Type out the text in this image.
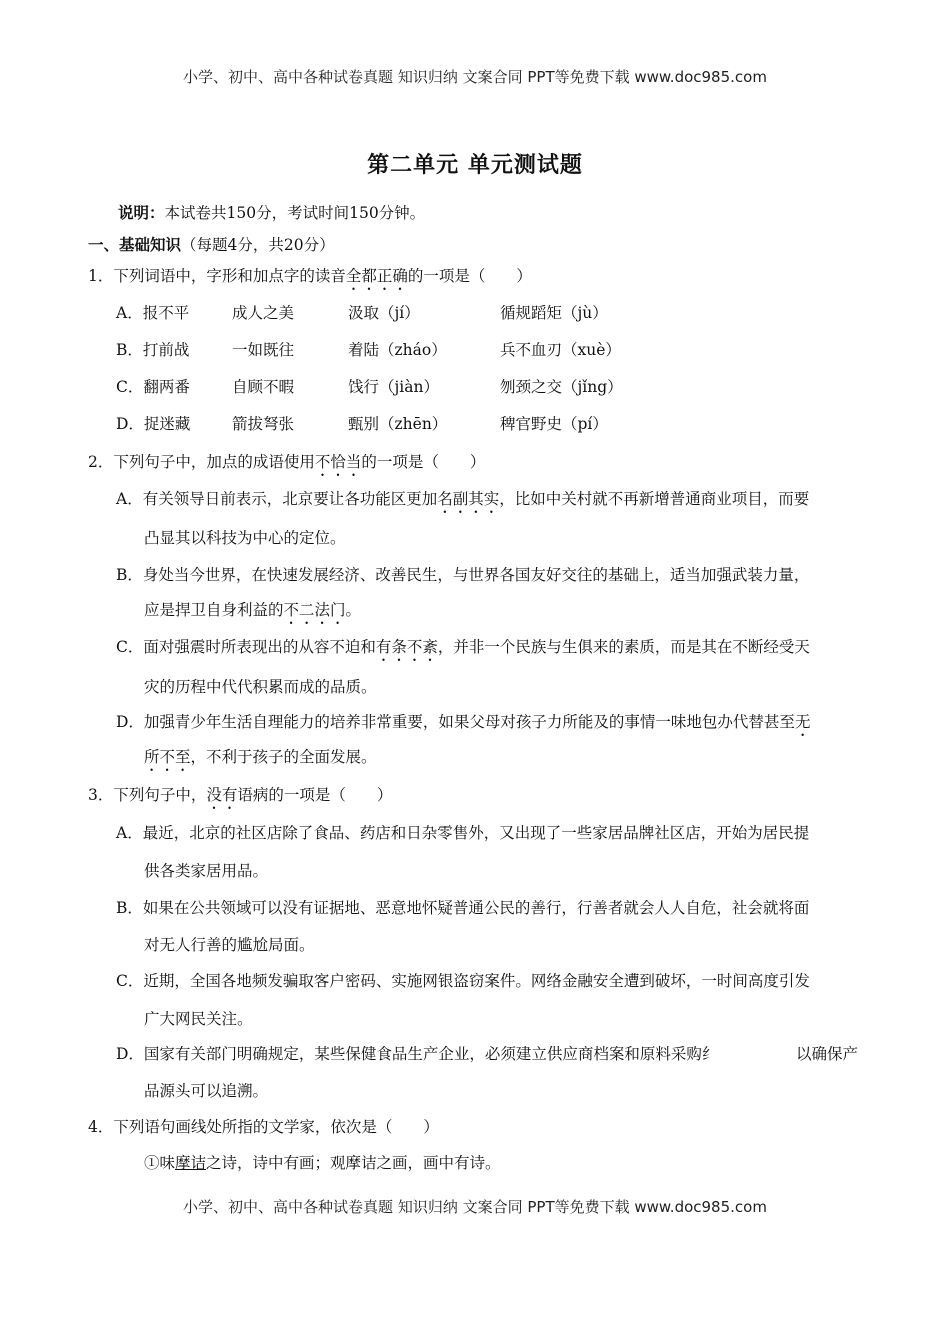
小学、初中、高中各种试卷真题 知识归纳 文案合同 PPT等免费下载 www.doc985.com
第二单元 单元测试题
说明：本试卷共150分，考试时间150分钟。
一、基础知识（每题4分，共20分）
1．下列词语中，字形和加点字的读音全都正确的一项是（　　）
A．报不平	成人之美	汲取（jí）	循规蹈矩（jù）
B．打前战	一如既往	着陆（zháo）	兵不血刃（xuè）
C．翻两番	自顾不暇	饯行（jiàn）	刎颈之交（jǐng）
D．捉迷藏	箭拔弩张	甄别（zhēn）	稗官野史（pí）
2．下列句子中，加点的成语使用不恰当的一项是（　　）
A．有关领导日前表示，北京要让各功能区更加名副其实，比如中关村就不再新增普通商业项目，而要
凸显其以科技为中心的定位。
B．身处当今世界，在快速发展经济、改善民生，与世界各国友好交往的基础上，适当加强武装力量，
应是捍卫自身利益的不二法门。
C．面对强震时所表现出的从容不迫和有条不紊，并非一个民族与生俱来的素质，而是其在不断经受天
灾的历程中代代积累而成的品质。
D．加强青少年生活自理能力的培养非常重要，如果父母对孩子力所能及的事情一味地包办代替甚至无
所不至，不利于孩子的全面发展。
3．下列句子中，没有语病的一项是（　　）
A．最近，北京的社区店除了食品、药店和日杂零售外，又出现了一些家居品牌社区店，开始为居民提
供各类家居用品。
B．如果在公共领域可以没有证据地、恶意地怀疑普通公民的善行，行善者就会人人自危，社会就将面
对无人行善的尴尬局面。
C．近期，全国各地频发骗取客户密码、实施网银盗窃案件。网络金融安全遭到破坏，一时间高度引发
广大网民关注。
D．国家有关部门明确规定，某些保健食品生产企业，必须建立供应商档案和原料采购纟	以确保产
品源头可以追溯。
4．下列语句画线处所指的文学家，依次是（　　）
①味摩诘之诗，诗中有画；观摩诘之画，画中有诗。
小学、初中、高中各种试卷真题 知识归纳 文案合同 PPT等免费下载 www.doc985.com
